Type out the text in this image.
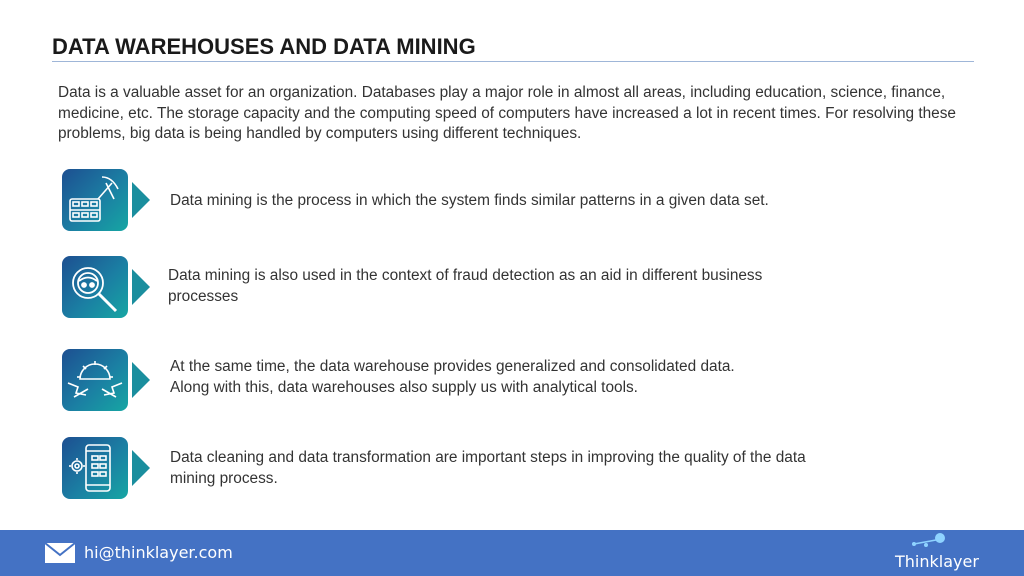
DATA WAREHOUSES AND DATA MINING

Data is a valuable asset for an organization. Databases play a major role in almost all areas, including education, science, finance, medicine, etc. The storage capacity and the computing speed of computers have increased a lot in recent times. For resolving these problems, big data is being handled by computers using different techniques.

Data mining is the process in which the system finds similar patterns in a given data set.
Data mining is also used in the context of fraud detection as an aid in different business processes
At the same time, the data warehouse provides generalized and consolidated data. Along with this, data warehouses also supply us with analytical tools.
Data cleaning and data transformation are important steps in improving the quality of the data mining process.
hi@thinklayer.com	Thinklayer
